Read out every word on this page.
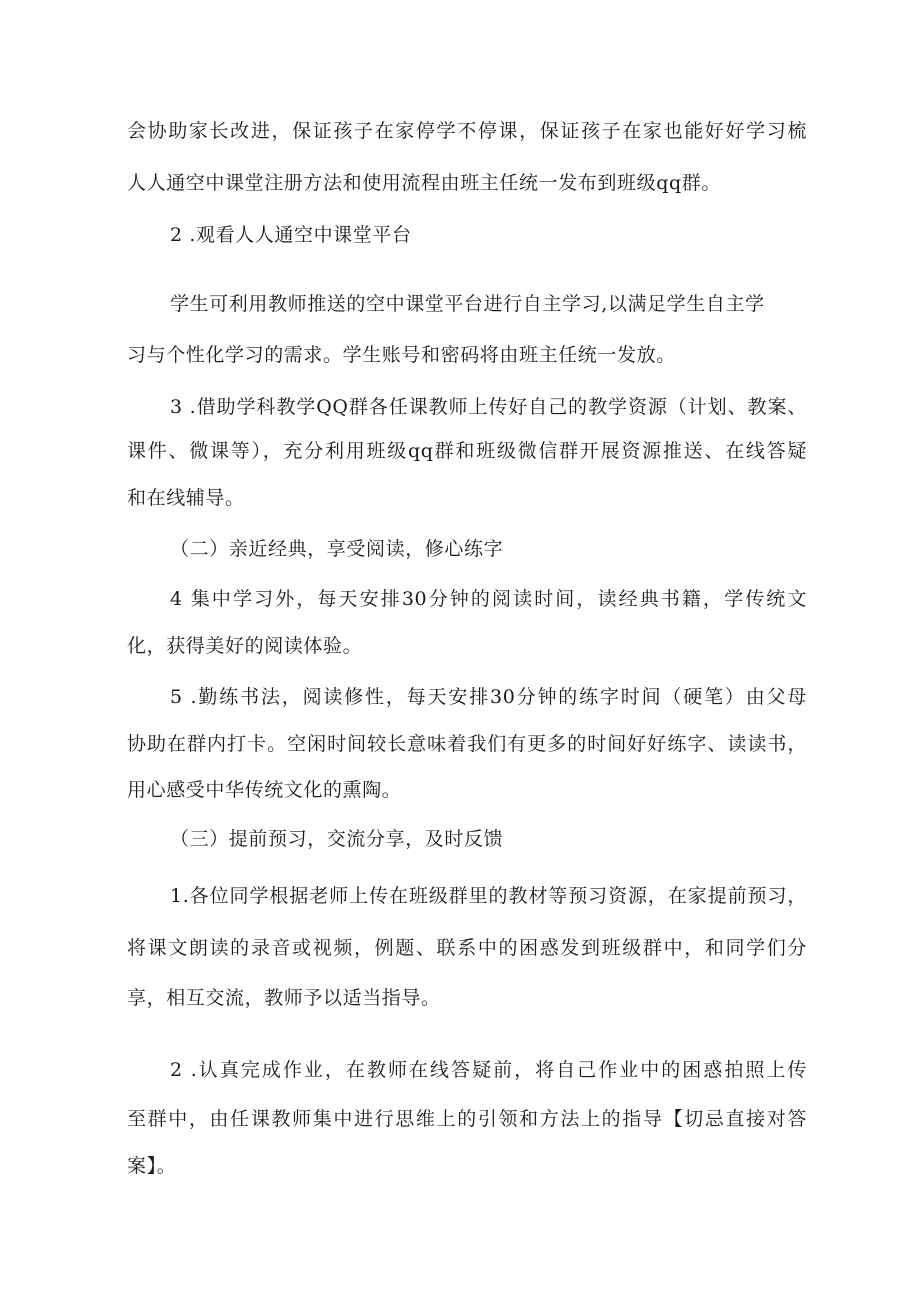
会协助家长改进，保证孩子在家停学不停课，保证孩子在家也能好好学习梳
人人通空中课堂注册方法和使用流程由班主任统一发布到班级qq群。
2 .观看人人通空中课堂平台
学生可利用教师推送的空中课堂平台进行自主学习,以满足学生自主学
习与个性化学习的需求。学生账号和密码将由班主任统一发放。
3 .借助学科教学QQ群各任课教师上传好自己的教学资源（计划、教案、
课件、微课等），充分利用班级qq群和班级微信群开展资源推送、在线答疑
和在线辅导。
（二）亲近经典，享受阅读，修心练字
4 集中学习外，每天安排30分钟的阅读时间，读经典书籍，学传统文
化，获得美好的阅读体验。
5 .勤练书法，阅读修性，每天安排30分钟的练字时间（硬笔）由父母
协助在群内打卡。空闲时间较长意味着我们有更多的时间好好练字、读读书，
用心感受中华传统文化的熏陶。
（三）提前预习，交流分享，及时反馈
1.各位同学根据老师上传在班级群里的教材等预习资源，在家提前预习，
将课文朗读的录音或视频，例题、联系中的困惑发到班级群中，和同学们分
享，相互交流，教师予以适当指导。
2 .认真完成作业，在教师在线答疑前，将自己作业中的困惑拍照上传
至群中，由任课教师集中进行思维上的引领和方法上的指导【切忌直接对答
案】。
